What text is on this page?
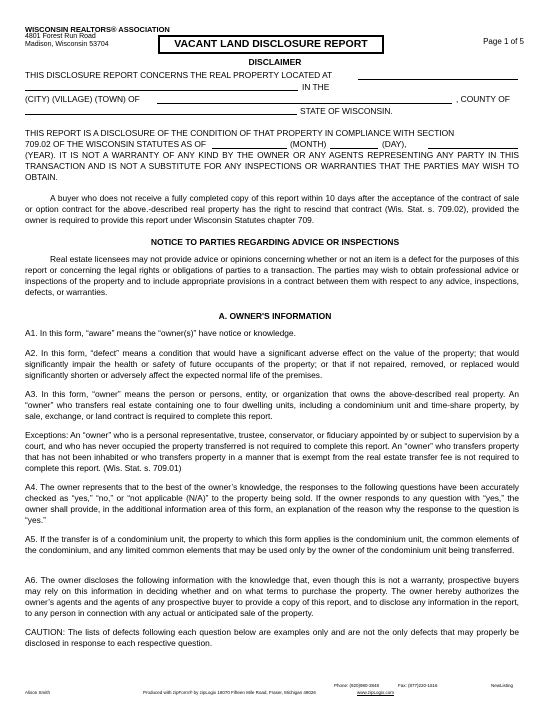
WISCONSIN REALTORS® ASSOCIATION
4801 Forest Run Road
Madison, Wisconsin 53704	VACANT LAND DISCLOSURE REPORT	Page 1 of 5
DISCLAIMER
THIS DISCLOSURE REPORT CONCERNS THE REAL PROPERTY LOCATED AT
IN THE
(CITY) (VILLAGE) (TOWN) OF	, COUNTY OF
STATE OF WISCONSIN.
THIS REPORT IS A DISCLOSURE OF THE CONDITION OF THAT PROPERTY IN COMPLIANCE WITH SECTION
709.02 OF THE WISCONSIN STATUTES AS OF	(MONTH)	(DAY),
(YEAR). IT IS NOT A WARRANTY OF ANY KIND BY THE OWNER OR ANY AGENTS REPRESENTING ANY PARTY IN THIS TRANSACTION AND IS NOT A SUBSTITUTE FOR ANY INSPECTIONS OR WARRANTIES THAT THE PARTIES MAY WISH TO OBTAIN.
A buyer who does not receive a fully completed copy of this report within 10 days after the acceptance of the contract of sale or option contract for the above.-described real property has the right to rescind that contract (Wis. Stat. s. 709.02), provided the owner is required to provide this report under Wisconsin Statutes chapter 709.
NOTICE TO PARTIES REGARDING ADVICE OR INSPECTIONS
Real estate licensees may not provide advice or opinions concerning whether or not an item is a defect for the purposes of this report or concerning the legal rights or obligations of parties to a transaction. The parties may wish to obtain professional advice or inspections of the property and to include appropriate provisions in a contract between them with respect to any advice, inspections, defects, or warranties.
A. OWNER'S INFORMATION
A1. In this form, “aware” means the “owner(s)” have notice or knowledge.
A2. In this form, “defect” means a condition that would have a significant adverse effect on the value of the property; that would significantly impair the health or safety of future occupants of the property; or that if not repaired, removed, or replaced would significantly shorten or adversely affect the expected normal life of the premises.
A3. In this form, “owner” means the person or persons, entity, or organization that owns the above-described real property. An “owner” who transfers real estate containing one to four dwelling units, including a condominium unit and time-share property, by sale, exchange, or land contract is required to complete this report.
Exceptions: An “owner” who is a personal representative, trustee, conservator, or fiduciary appointed by or subject to supervision by a court, and who has never occupied the property transferred is not required to complete this report. An “owner” who transfers property that has not been inhabited or who transfers property in a manner that is exempt from the real estate transfer fee is not required to complete this report. (Wis. Stat. s. 709.01)
A4. The owner represents that to the best of the owner’s knowledge, the responses to the following questions have been accurately checked as “yes,” “no,” or “not applicable (N/A)” to the property being sold. If the owner responds to any question with “yes,” the owner shall provide, in the additional information area of this form, an explanation of the reason why the response to the question is “yes.”
A5. If the transfer is of a condominium unit, the property to which this form applies is the condominium unit, the common elements of the condominium, and any limited common elements that may be used only by the owner of the condominium unit being transferred.
A6. The owner discloses the following information with the knowledge that, even though this is not a warranty, prospective buyers may rely on this information in deciding whether and on what terms to purchase the property. The owner hereby authorizes the owner’s agents and the agents of any prospective buyer to provide a copy of this report, and to disclose any information in the report, to any person in connection with any actual or anticipated sale of the property.
CAUTION: The lists of defects following each question below are examples only and are not the only defects that may properly be disclosed in response to each respective question.
Phone: (920)980-3848	Fax: (877)220-1516	NewListing
Alison Smith	Produced with zipForm® by zipLogix 18070 Fifteen Mile Road, Fraser, Michigan 48026	www.zipLogix.com
